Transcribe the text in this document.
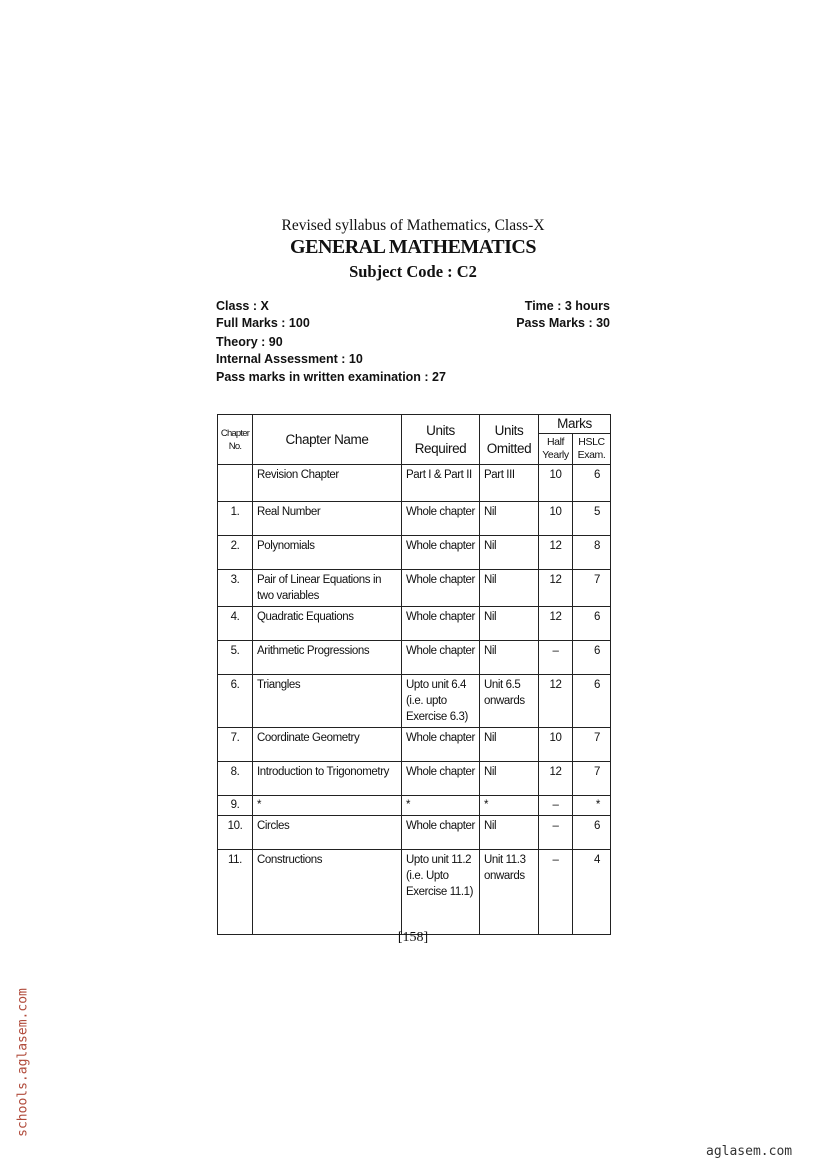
Revised syllabus of Mathematics, Class-X
GENERAL MATHEMATICS
Subject Code : C2
Class : X	Time : 3 hours
Full Marks : 100	Pass Marks : 30
Theory : 90
Internal Assessment : 10
Pass marks in written examination : 27
Chapter No.	Chapter Name	Units Required	Units Omitted	Marks	
				Half Yearly	HSLC Exam.
	Revision Chapter	Part I & Part II	Part III	10	6
1.	Real Number	Whole chapter	Nil	10	5
2.	Polynomials	Whole chapter	Nil	12	8
3.	Pair of Linear Equations in two variables	Whole chapter	Nil	12	7
4.	Quadratic Equations	Whole chapter	Nil	12	6
5.	Arithmetic Progressions	Whole chapter	Nil	–	6
6.	Triangles	Upto unit 6.4 (i.e. upto Exercise 6.3)	Unit 6.5 onwards	12	6
7.	Coordinate Geometry	Whole chapter	Nil	10	7
8.	Introduction to Trigonometry	Whole chapter	Nil	12	7
9.	*	*	*	–	*
10.	Circles	Whole chapter	Nil	–	6
11.	Constructions	Upto unit 11.2 (i.e. Upto Exercise 11.1)	Unit 11.3 onwards	–	4
[158]
schools.aglasem.com
aglasem.com
